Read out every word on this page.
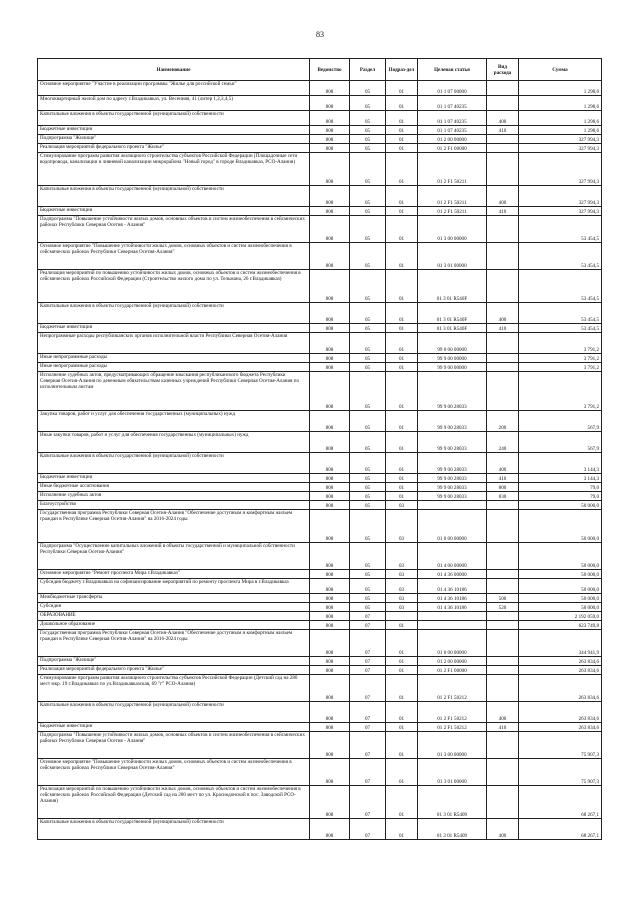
83
Наименование	Ведомство	Раздел	Подраз-дел	Целевая статья	Вид расхода	Сумма
Основное мероприятие "Участие в реализации программы "Жилье для российской семьи"	808	05	01	01 1 07 00000		1 298,6
Многоквартирный жилой дом по адресу г.Владикавказ, ул. Весенняя, 41 (литер 1,2,3,4,5)	808	05	01	01 1 07 40235		1 298,6
Капитальные вложения в объекты государственной (муниципальной) собственности	808	05	01	01 1 07 40235	400	1 298,6
Бюджетные инвестиции	808	05	01	01 1 07 40235	410	1 298,6
Подпрограмма "Жилище"	808	05	01	01 2 00 00000		327 994,3
Реализация мероприятий федерального проекта "Жилье"	808	05	01	01 2 F1 00000		327 994,3
Стимулирование программ развития жилищного строительства субъектов Российской Федерации (Площадочные сети водопровода, канализации и ливневой канализации микрорайона "Новый город" в городе Владикавказ, РСО-Алания)	808	05	01	01 2 F1 50211		327 994,3
Капитальные вложения в объекты государственной (муниципальной) собственности	808	05	01	01 2 F1 50211	400	327 994,3
Бюджетные инвестиции	808	05	01	01 2 F1 50211	410	327 994,3
Подпрограмма "Повышение устойчивости жилых домов, основных объектов и систем жизнеобеспечения в сейсмических районах Республики Северная Осетия - Алания"	808	05	01	01 3 00 00000		53 454,5
Основное мероприятие "Повышение устойчивости жилых домов, основных объектов и систем жизнеобеспечения в сейсмических районах Республики Северная Осетия-Алания"	808	05	01	01 3 01 00000		53 454,5
Реализация мероприятий по повышению устойчивости жилых домов, основных объектов и систем жизнеобеспечения в сейсмических районах Российской Федерации (Строительство жилого дома по ул. Тельмана, 26 г.Владикавказ)	808	05	01	01 3 01 R540F		53 454,5
Капитальные вложения в объекты государственной (муниципальной) собственности	808	05	01	01 3 01 R540F	400	53 454,5
Бюджетные инвестиции	808	05	01	01 3 01 R540F	410	53 454,5
Непрограммные расходы республиканских органов исполнительной власти Республики Северная Осетия-Алания	808	05	01	99 0 00 00000		3 791,2
Иные непрограммные расходы	808	05	01	99 9 00 00000		3 791,2
Иные непрограммные расходы	808	05	01	99 9 00 00000		3 791,2
Исполнение судебных актов, предусматривающих обращение взыскания республиканского бюджета Республики Северная Осетия-Алания по денежным обязательствам казенных учреждений Республики Северная Осетия-Алания по исполнительным листам	808	05	01	99 9 00 28033		3 791,2
Закупка товаров, работ и услуг для обеспечения государственных (муниципальных) нужд	808	05	01	99 9 00 28033	200	567,9
Иные закупки товаров, работ и услуг для обеспечения государственных (муниципальных) нужд	808	05	01	99 9 00 28033	240	567,9
Капитальные вложения в объекты государственной (муниципальной) собственности	808	05	01	99 9 00 28033	400	3 144,3
Бюджетные инвестиции	808	05	01	99 9 00 28033	410	3 144,3
Иные бюджетные ассигнования	808	05	01	99 9 00 28033	800	79,0
Исполнение судебных актов	808	05	01	99 9 00 28033	830	79,0
Благоустройство	808	05	03			50 000,0
Государственная программа Республики Северная Осетия-Алания "Обеспечение доступным и комфортным жильем граждан в Республике Северная Осетия-Алания" на 2016-2024 годы	808	05	03	01 0 00 00000		50 000,0
Подпрограмма "Осуществление капитальных вложений в объекты государственной и муниципальной собственности Республики Северная Осетия-Алания"	808	05	03	01 4 00 00000		50 000,0
Основное мероприятие "Ремонт проспекта Мира г.Владикавказ"	808	05	03	01 4 36 00000		50 000,0
Субсидия бюджету г.Владикавказ на софинансирование мероприятий по ремонту проспекта Мира в г.Владикавказ	808	05	03	01 4 36 10186		50 000,0
Межбюджетные трансферты	808	05	03	01 4 36 10186	500	50 000,0
Субсидии	808	05	03	01 4 36 10186	520	50 000,0
ОБРАЗОВАНИЕ	808	07				2 192 059,0
Дошкольное образование	808	07	01			623 749,8
Государственная программа Республики Северная Осетия-Алания "Обеспечение доступным и комфортным жильем граждан в Республике Северная Осетия-Алания" на 2016-2024 годы	808	07	01	01 0 00 00000		344 941,9
Подпрограмма "Жилище"	808	07	01	01 2 00 00000		263 834,6
Реализация мероприятий федерального проекта "Жилье"	808	07	01	01 2 F1 00000		263 834,6
Стимулирование программ развития жилищного строительства субъектов Российской Федерации (Детский сад на 280 мест мкр. 19 г.Владикавказ по ул.Владикавказская, 69 "г" РСО-Алания)	808	07	01	01 2 F1 50212		263 834,6
Капитальные вложения в объекты государственной (муниципальной) собственности	808	07	01	01 2 F1 50212	400	263 834,6
Бюджетные инвестиции	808	07	01	01 2 F1 50212	410	263 834,6
Подпрограмма "Повышение устойчивости жилых домов, основных объектов и систем жизнеобеспечения в сейсмических районах Республики Северная Осетия - Алания"	808	07	01	01 3 00 00000		75 907,3
Основное мероприятие "Повышение устойчивости жилых домов, основных объектов и систем жизнеобеспечения в сейсмических районах Республики Северная Осетия-Алания"	808	07	01	01 3 01 00000		75 907,3
Реализация мероприятий по повышению устойчивости жилых домов, основных объектов и систем жизнеобеспечения в сейсмических районах Российской Федерации (Детский сад на 280 мест по ул. Краснодонской в пос. Заводской РСО-Алания)	808	07	01	01 3 01 R5409		68 267,1
Капитальные вложения в объекты государственной (муниципальной) собственности	808	07	01	01 3 01 R5409	400	68 267,1
